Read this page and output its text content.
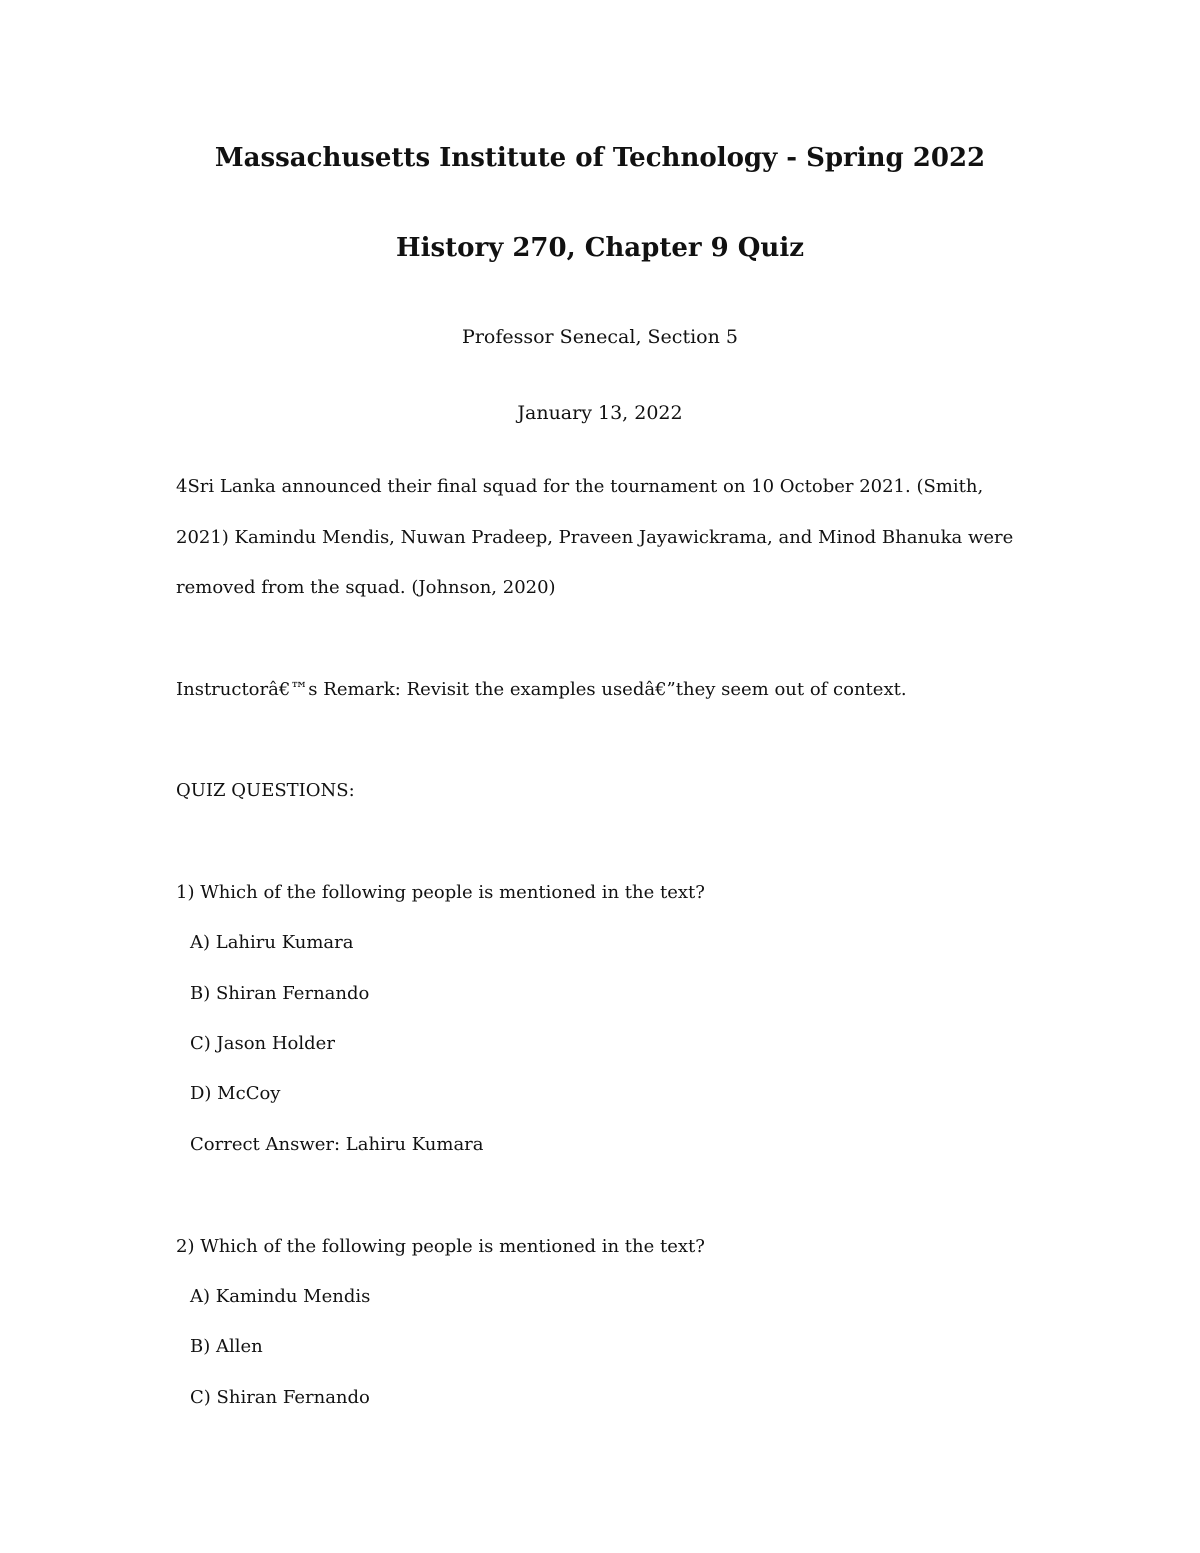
Massachusetts Institute of Technology - Spring 2022
History 270, Chapter 9 Quiz
Professor Senecal, Section 5
January 13, 2022
4Sri Lanka announced their final squad for the tournament on 10 October 2021. (Smith,
2021) Kamindu Mendis, Nuwan Pradeep, Praveen Jayawickrama, and Minod Bhanuka were
removed from the squad. (Johnson, 2020)
Instructorâ€™s Remark: Revisit the examples usedâ€”they seem out of context.
QUIZ QUESTIONS:
1) Which of the following people is mentioned in the text?
A) Lahiru Kumara
B) Shiran Fernando
C) Jason Holder
D) McCoy
Correct Answer: Lahiru Kumara
2) Which of the following people is mentioned in the text?
A) Kamindu Mendis
B) Allen
C) Shiran Fernando
